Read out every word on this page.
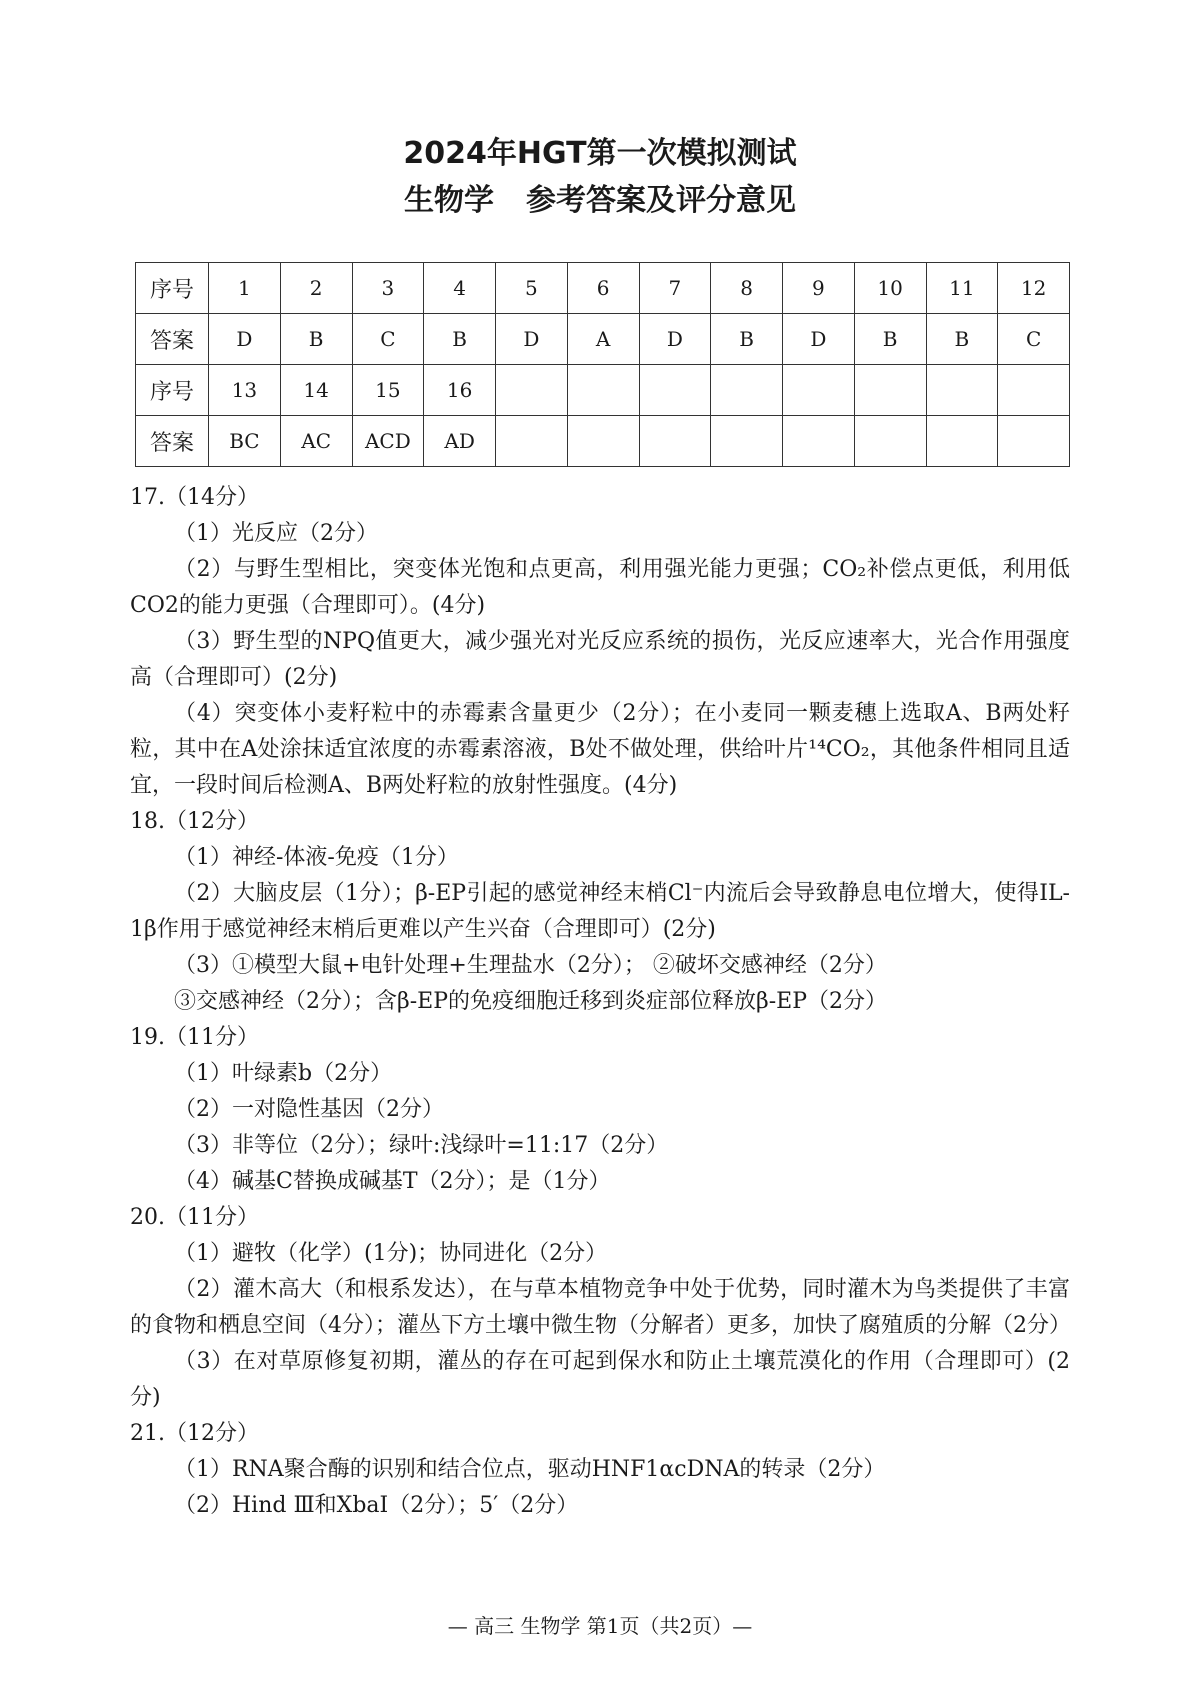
2024年HGT第一次模拟测试
生物学 参考答案及评分意见
序号	1	2	3	4	5	6	7	8	9	10	11	12
答案	D	B	C	B	D	A	D	B	D	B	B	C
序号	13	14	15	16								
答案	BC	AC	ACD	AD								

17.（14分）

（1）光反应（2分）

（2）与野生型相比，突变体光饱和点更高，利用强光能力更强；CO₂补偿点更低，利用低CO2的能力更强（合理即可）。(4分)

（3）野生型的NPQ值更大，减少强光对光反应系统的损伤，光反应速率大，光合作用强度高（合理即可）(2分)

（4）突变体小麦籽粒中的赤霉素含量更少（2分）；在小麦同一颗麦穗上选取A、B两处籽粒，其中在A处涂抹适宜浓度的赤霉素溶液，B处不做处理，供给叶片¹⁴CO₂，其他条件相同且适宜，一段时间后检测A、B两处籽粒的放射性强度。(4分)

18.（12分）

（1）神经-体液-免疫（1分）

（2）大脑皮层（1分）；β-EP引起的感觉神经末梢Cl⁻内流后会导致静息电位增大，使得IL-1β作用于感觉神经末梢后更难以产生兴奋（合理即可）(2分)

（3）①模型大鼠+电针处理+生理盐水（2分）； ②破坏交感神经（2分）

③交感神经（2分）；含β-EP的免疫细胞迁移到炎症部位释放β-EP（2分）

19.（11分）

（1）叶绿素b（2分）

（2）一对隐性基因（2分）

（3）非等位（2分）；绿叶:浅绿叶=11:17（2分）

（4）碱基C替换成碱基T（2分）；是（1分）

20.（11分）

（1）避牧（化学）(1分)；协同进化（2分）

（2）灌木高大（和根系发达），在与草本植物竞争中处于优势，同时灌木为鸟类提供了丰富的食物和栖息空间（4分）；灌丛下方土壤中微生物（分解者）更多，加快了腐殖质的分解（2分）

（3）在对草原修复初期，灌丛的存在可起到保水和防止土壤荒漠化的作用（合理即可）(2分)

21.（12分）

（1）RNA聚合酶的识别和结合位点，驱动HNF1αcDNA的转录（2分）

（2）Hind Ⅲ和XbaⅠ（2分）；5′（2分）

— 高三 生物学 第1页（共2页）—
